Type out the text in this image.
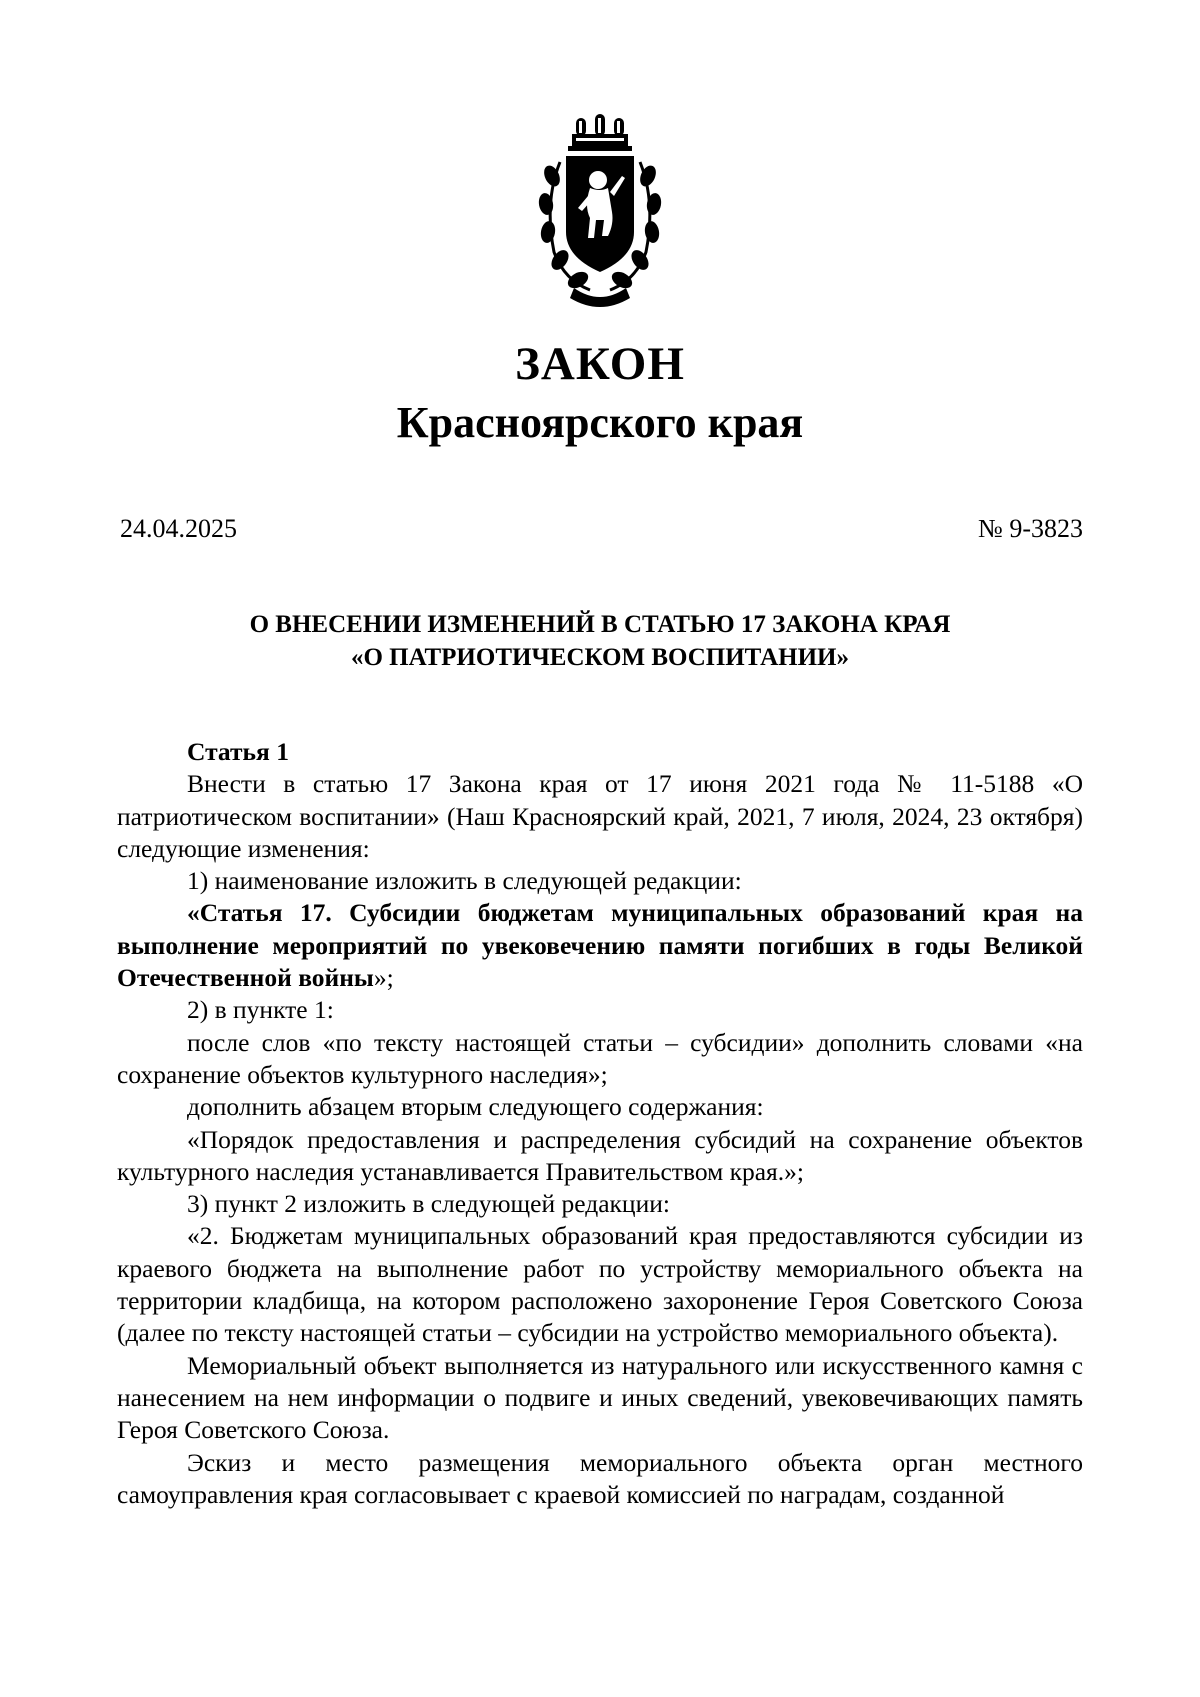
ЗАКОН
Красноярского края
24.04.2025	№ 9-3823
О ВНЕСЕНИИ ИЗМЕНЕНИЙ В СТАТЬЮ 17 ЗАКОНА КРАЯ
«О ПАТРИОТИЧЕСКОМ ВОСПИТАНИИ»

Статья 1

Внести в статью 17 Закона края от 17 июня 2021 года № 11-5188 «О патриотическом воспитании» (Наш Красноярский край, 2021, 7 июля, 2024, 23 октября) следующие изменения:

1) наименование изложить в следующей редакции:

«Статья 17. Субсидии бюджетам муниципальных образований края на выполнение мероприятий по увековечению памяти погибших в годы Великой Отечественной войны»;

2) в пункте 1:

после слов «по тексту настоящей статьи – субсидии» дополнить словами «на сохранение объектов культурного наследия»;

дополнить абзацем вторым следующего содержания:

«Порядок предоставления и распределения субсидий на сохранение объектов культурного наследия устанавливается Правительством края.»;

3) пункт 2 изложить в следующей редакции:

«2. Бюджетам муниципальных образований края предоставляются субсидии из краевого бюджета на выполнение работ по устройству мемориального объекта на территории кладбища, на котором расположено захоронение Героя Советского Союза (далее по тексту настоящей статьи – субсидии на устройство мемориального объекта).

Мемориальный объект выполняется из натурального или искусственного камня с нанесением на нем информации о подвиге и иных сведений, увековечивающих память Героя Советского Союза.

Эскиз и место размещения мемориального объекта орган местного самоуправления края согласовывает с краевой комиссией по наградам, созданной
